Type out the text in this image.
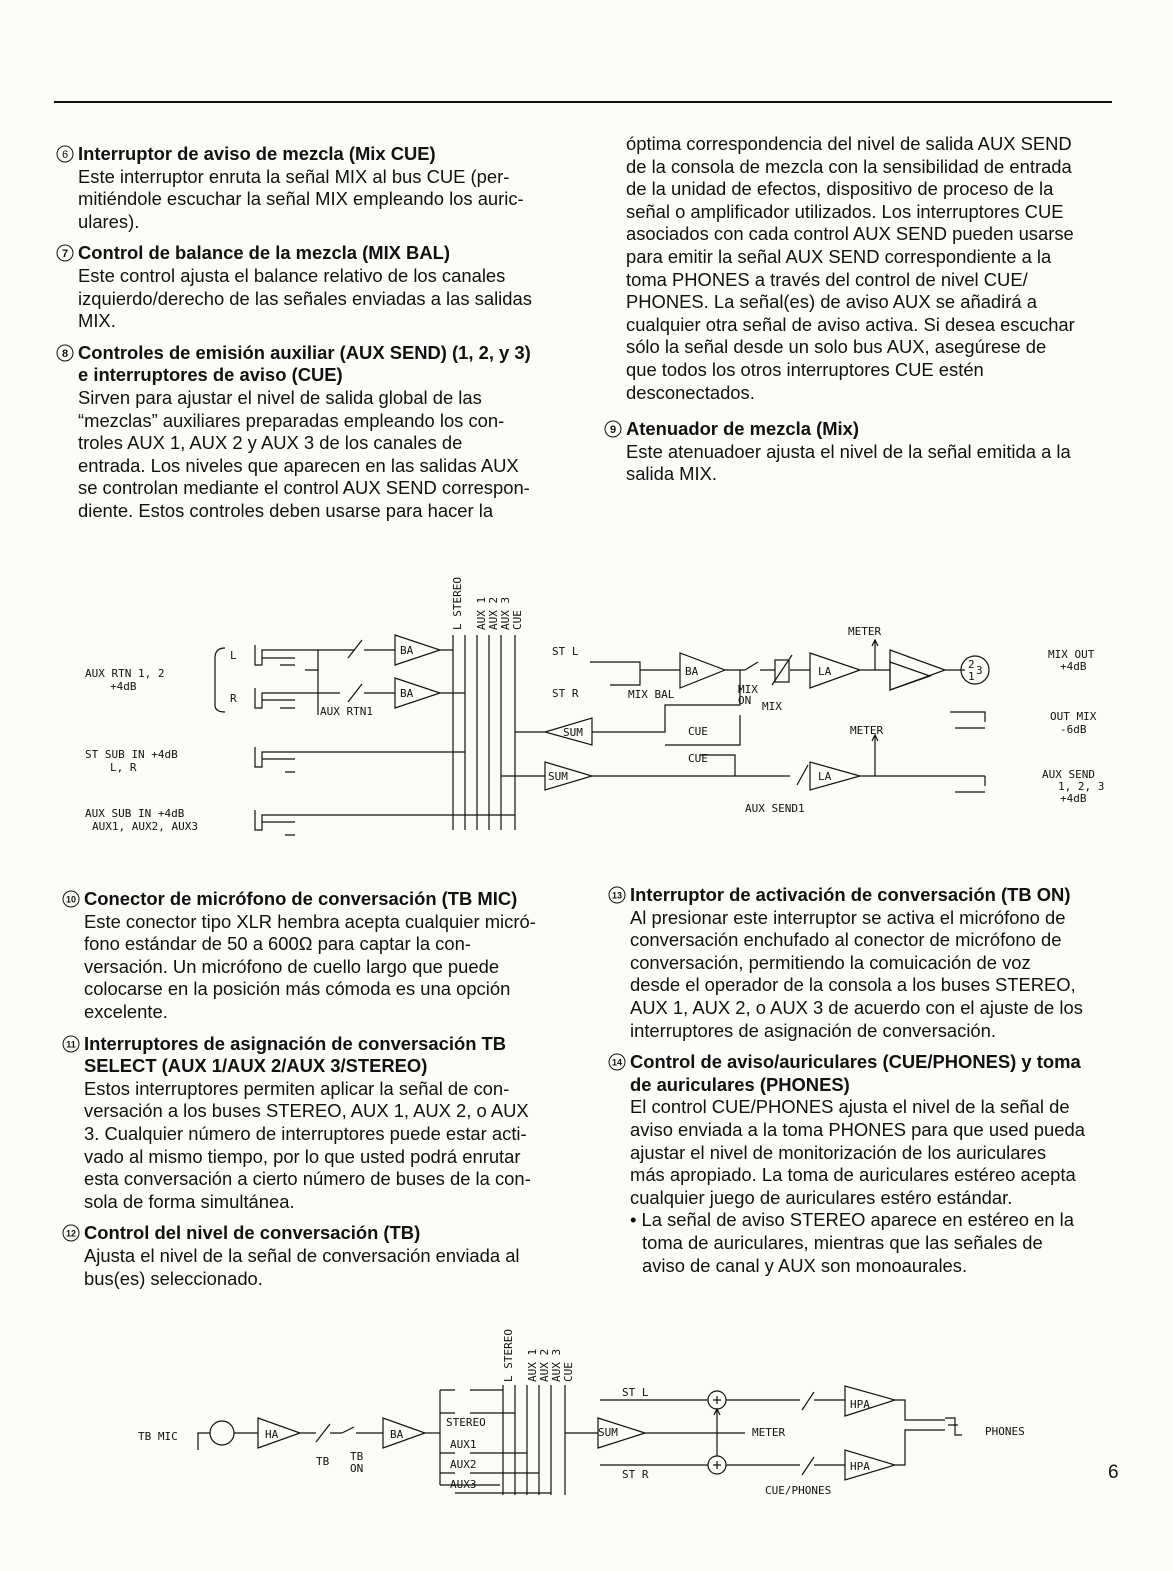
6 Interruptor de aviso de mezcla (Mix CUE)
Este interruptor enruta la señal MIX al bus CUE (per-
mitiéndole escuchar la señal MIX empleando los auric-
ulares).
7 Control de balance de la mezcla (MIX BAL)
Este control ajusta el balance relativo de los canales
izquierdo/derecho de las señales enviadas a las salidas
MIX.
8 Controles de emisión auxiliar (AUX SEND) (1, 2, y 3)
e interruptores de aviso (CUE)
Sirven para ajustar el nivel de salida global de las
“mezclas” auxiliares preparadas empleando los con-
troles AUX 1, AUX 2 y AUX 3 de los canales de
entrada. Los niveles que aparecen en las salidas AUX
se controlan mediante el control AUX SEND correspon-
diente. Estos controles deben usarse para hacer la
óptima correspondencia del nivel de salida AUX SEND
de la consola de mezcla con la sensibilidad de entrada
de la unidad de efectos, dispositivo de proceso de la
señal o amplificador utilizados. Los interruptores CUE
asociados con cada control AUX SEND pueden usarse
para emitir la señal AUX SEND correspondiente a la
toma PHONES a través del control de nivel CUE/
PHONES. La señal(es) de aviso AUX se añadirá a
cualquier otra señal de aviso activa. Si desea escuchar
sólo la señal desde un solo bus AUX, asegúrese de
que todos los otros interruptores CUE estén
desconectados.
9 Atenuador de mezcla (Mix)
Este atenuadoer ajusta el nivel de la señal emitida a la
salida MIX.
L STEREO AUX 1 AUX 2 AUX 3 CUE
AUX RTN 1, 2
+4dB
L
R
ST SUB IN +4dB
L, R
AUX SUB IN +4dB
AUX1, AUX2, AUX3
AUX RTN1
BA
BA
SUM
SUM
ST L
ST R	MIX BAL	MIX
ON MIX
CUE
CUE
METER
METER
AUX SEND1
BA	LA
LA
2 3
1
MIX OUT
+4dB
OUT MIX
-6dB
AUX SEND
1, 2, 3
+4dB
10 Conector de micrófono de conversación (TB MIC)
Este conector tipo XLR hembra acepta cualquier micró-
fono estándar de 50 a 600Ω para captar la con-
versación. Un micrófono de cuello largo que puede
colocarse en la posición más cómoda es una opción
excelente.
11 Interruptores de asignación de conversación TB
SELECT (AUX 1/AUX 2/AUX 3/STEREO)
Estos interruptores permiten aplicar la señal de con-
versación a los buses STEREO, AUX 1, AUX 2, o AUX
3. Cualquier número de interruptores puede estar acti-
vado al mismo tiempo, por lo que usted podrá enrutar
esta conversación a cierto número de buses de la con-
sola de forma simultánea.
12 Control del nivel de conversación (TB)
Ajusta el nivel de la señal de conversación enviada al
bus(es) seleccionado.
13 Interruptor de activación de conversación (TB ON)
Al presionar este interruptor se activa el micrófono de
conversación enchufado al conector de micrófono de
conversación, permitiendo la comuicación de voz
desde el operador de la consola a los buses STEREO,
AUX 1, AUX 2, o AUX 3 de acuerdo con el ajuste de los
interruptores de asignación de conversación.
14 Control de aviso/auriculares (CUE/PHONES) y toma
de auriculares (PHONES)
El control CUE/PHONES ajusta el nivel de la señal de
aviso enviada a la toma PHONES para que used pueda
ajustar el nivel de monitorización de los auriculares
más apropiado. La toma de auriculares estéreo acepta
cualquier juego de auriculares estéro estándar.
• La señal de aviso STEREO aparece en estéreo en la
toma de auriculares, mientras que las señales de
aviso de canal y AUX son monoaurales.
L STEREO AUX 1 AUX 2 AUX 3 CUE
TB MIC	HA	BA
TB TB
ON
STEREO
AUX1
AUX2
AUX3
SUM
ST L
ST R
METER
HPA
HPA
CUE/PHONES
PHONES
6
